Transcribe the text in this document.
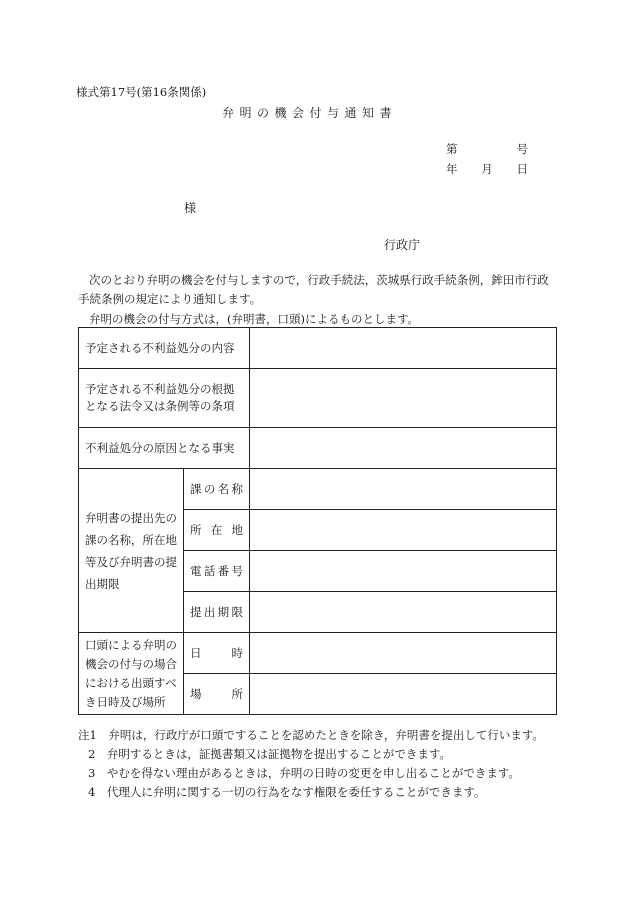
様式第17号(第16条関係)
弁明の機会付与通知書
第	号
年 月 日
様
行政庁
次のとおり弁明の機会を付与しますので，行政手続法，茨城県行政手続条例，鉾田市行政手続条例の規定により通知します。
弁明の機会の付与方式は，(弁明書，口頭)によるものとします。
予定される不利益処分の内容		
予定される不利益処分の根拠となる法令又は条例等の条項		
不利益処分の原因となる事実		
弁明書の提出先の課の名称，所在地等及び弁明書の提出期限	課の名称	
	所在地	
	電話番号	
	提出期限	
口頭による弁明の機会の付与の場合における出頭すべき日時及び場所	日時	
	場所	
注1　弁明は，行政庁が口頭ですることを認めたときを除き，弁明書を提出して行います。
2　弁明するときは，証拠書類又は証拠物を提出することができます。
3　やむを得ない理由があるときは，弁明の日時の変更を申し出ることができます。
4　代理人に弁明に関する一切の行為をなす権限を委任することができます。
